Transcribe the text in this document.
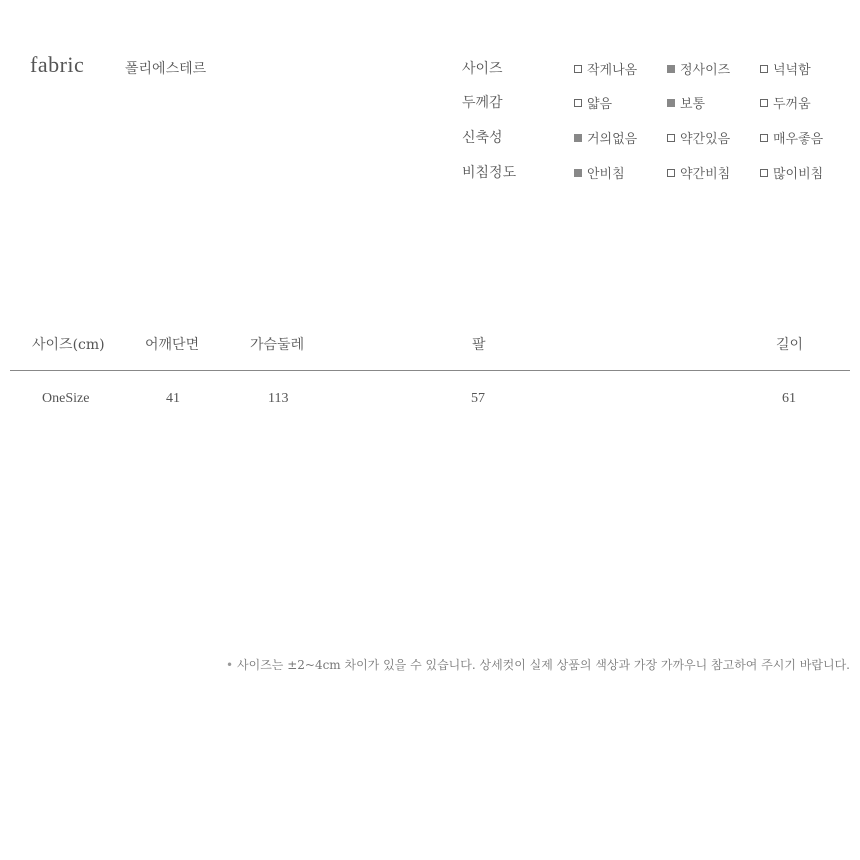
fabric	폴리에스테르	사이즈	작게나옴	정사이즈	넉넉함
두께감	얇음	보통	두꺼움
신축성	거의없음	약간있음	매우좋음
비침정도	안비침	약간비침	많이비침
사이즈(cm)	어깨단면	가슴둘레	팔	길이
OneSize	41	113	57	61
• 사이즈는 ±2~4cm 차이가 있을 수 있습니다. 상세컷이 실제 상품의 색상과 가장 가까우니 참고하여 주시기 바랍니다.
